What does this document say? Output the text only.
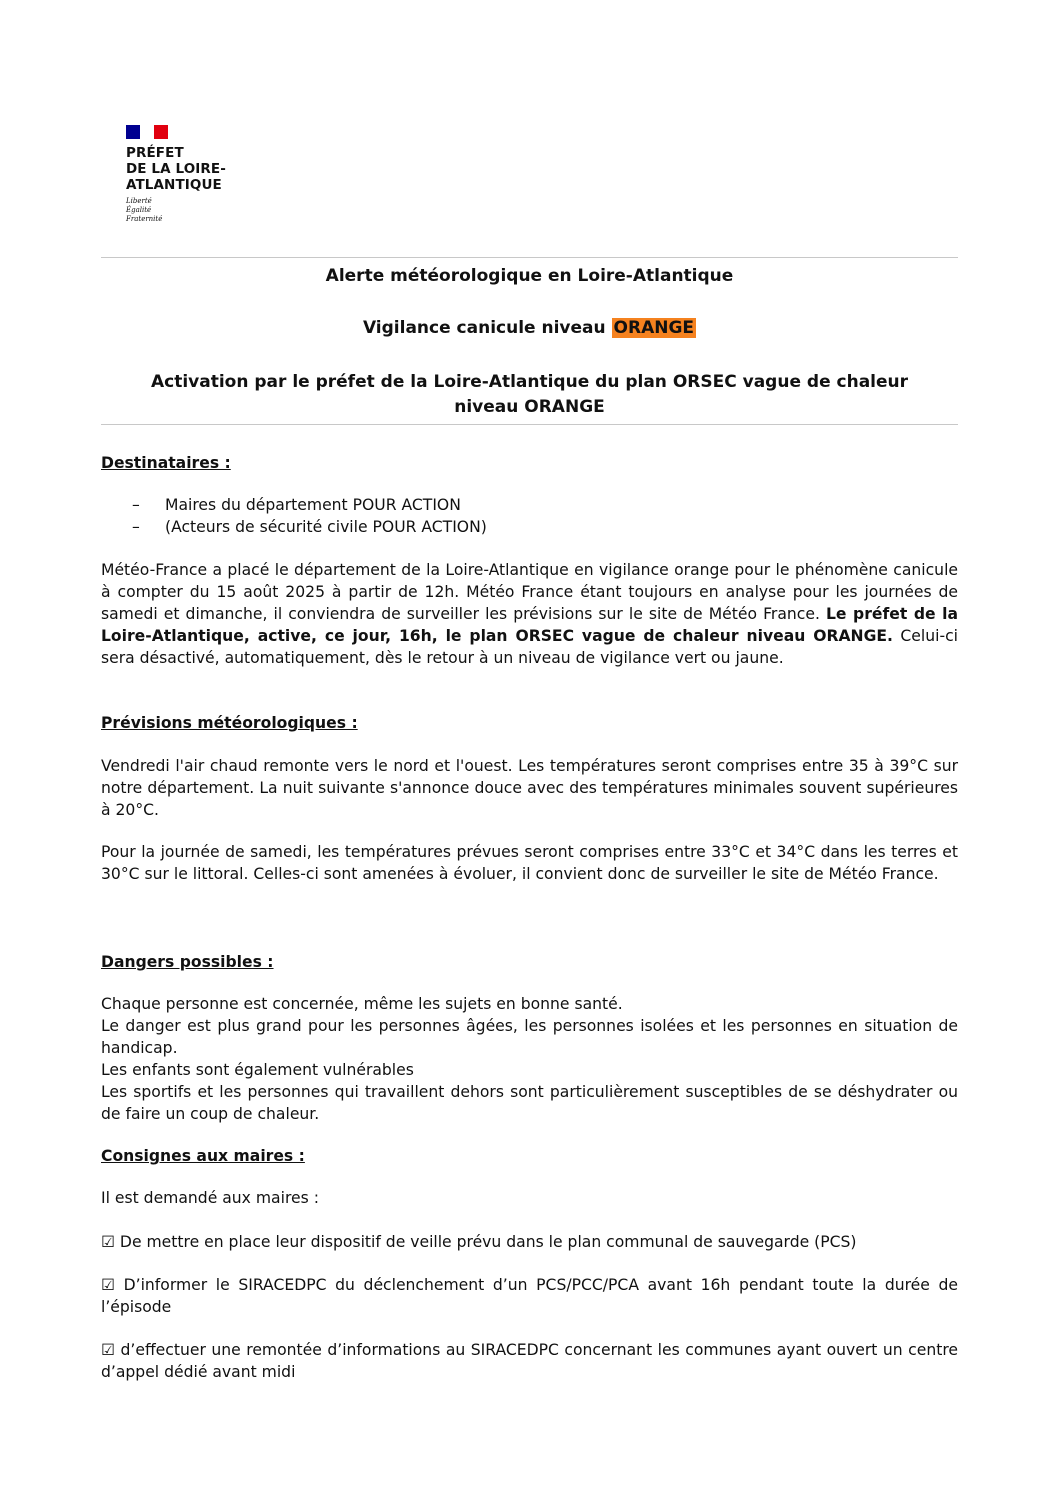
PRÉFET
DE LA LOIRE-
ATLANTIQUE
Liberté
Égalité
Fraternité
Alerte météorologique en Loire-Atlantique
Vigilance canicule niveau ORANGE
Activation par le préfet de la Loire-Atlantique du plan ORSEC vague de chaleur
niveau ORANGE

Destinataires :

–	Maires du département POUR ACTION
–	(Acteurs de sécurité civile POUR ACTION)

Météo-France a placé le département de la Loire-Atlantique en vigilance orange pour le phénomène canicule à compter du 15 août 2025 à partir de 12h. Météo France étant toujours en analyse pour les journées de samedi et dimanche, il conviendra de surveiller les prévisions sur le site de Météo France. Le préfet de la Loire-Atlantique, active, ce jour, 16h, le plan ORSEC vague de chaleur niveau ORANGE. Celui-ci sera désactivé, automatiquement, dès le retour à un niveau de vigilance vert ou jaune.

Prévisions météorologiques :

Vendredi l'air chaud remonte vers le nord et l'ouest. Les températures seront comprises entre 35 à 39°C sur notre département. La nuit suivante s'annonce douce avec des températures minimales souvent supérieures à 20°C.

Pour la journée de samedi, les températures prévues seront comprises entre 33°C et 34°C dans les terres et 30°C sur le littoral. Celles-ci sont amenées à évoluer, il convient donc de surveiller le site de Météo France.

Dangers possibles :

Chaque personne est concernée, même les sujets en bonne santé.

Le danger est plus grand pour les personnes âgées, les personnes isolées et les personnes en situation de handicap.

Les enfants sont également vulnérables

Les sportifs et les personnes qui travaillent dehors sont particulièrement susceptibles de se déshydrater ou de faire un coup de chaleur.

Consignes aux maires :

Il est demandé aux maires :

☑ De mettre en place leur dispositif de veille prévu dans le plan communal de sauvegarde (PCS)

☑ D’informer le SIRACEDPC du déclenchement d’un PCS/PCC/PCA avant 16h pendant toute la durée de l’épisode

☑ d’effectuer une remontée d’informations au SIRACEDPC concernant les communes ayant ouvert un centre d’appel dédié avant midi
